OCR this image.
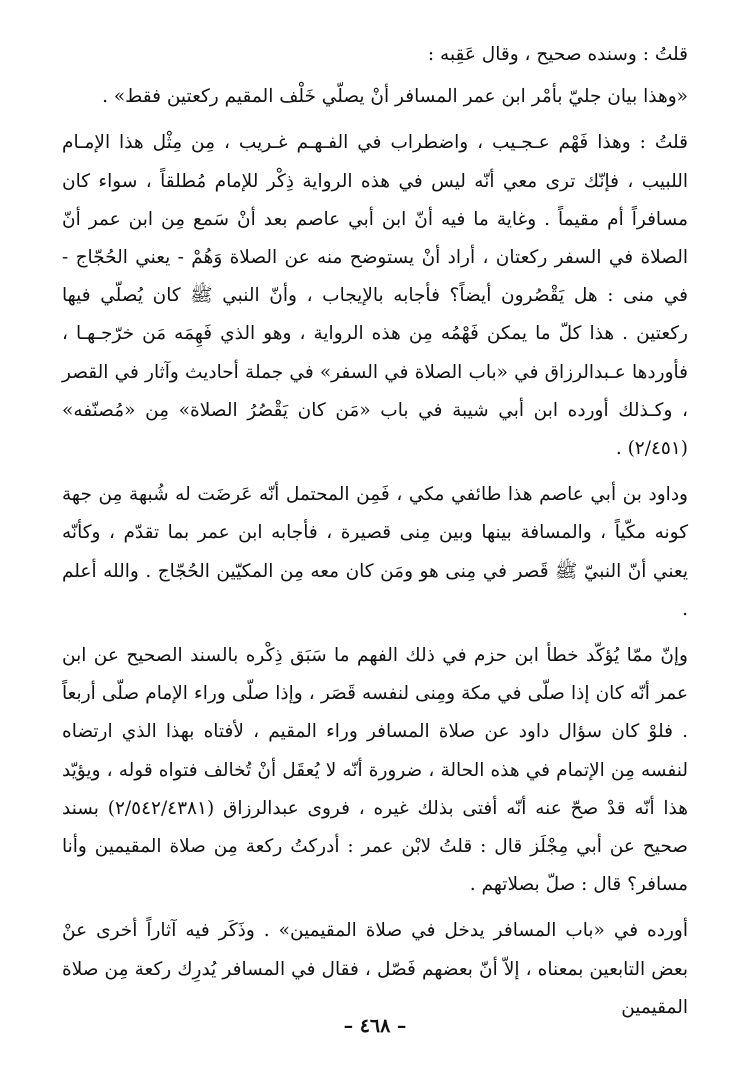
قلتُ : وسنده صحيح ، وقال عَقِبه :

«وهذا بيان جليّ بأمْر ابن عمر المسافر أنْ يصلّي خَلْف المقيم ركعتين فقط» .

قلتُ : وهذا فَهْم عـجـيب ، واضطراب في الفـهـم غـريب ، مِن مِثْل هذا الإمـام اللبيب ، فإنّك ترى معي أنّه ليس في هذه الرواية ذِكْر للإمام مُطلقاً ، سواء كان مسافراً أم مقيماً . وغاية ما فيه أنّ ابن أبي عاصم بعد أنْ سَمع مِن ابن عمر أنّ الصلاة في السفر ركعتان ، أراد أنْ يستوضح منه عن الصلاة وَهُمْ - يعني الحُجّاج - في منى : هل يَقْصُرون أيضاً؟ فأجابه بالإيجاب ، وأنّ النبي ﷺ كان يُصلّي فيها ركعتين . هذا كلّ ما يمكن فَهْمُه مِن هذه الرواية ، وهو الذي فَهِمَه مَن خرّجـهـا ، فأوردها عـبدالرزاق في «باب الصلاة في السفر» في جملة أحاديث وآثار في القصر ، وكـذلك أورده ابن أبي شيبة في باب «مَن كان يَقْصُرُ الصلاة» مِن «مُصنّفه» (٢/٤٥١) .

وداود بن أبي عاصم هذا طائفي مكي ، فَمِن المحتمل أنّه عَرضَت له شُبهة مِن جهة كونه مكّياً ، والمسافة بينها وبين مِنى قصيرة ، فأجابه ابن عمر بما تقدّم ، وكأنّه يعني أنّ النبيّ ﷺ قَصر في مِنى هو ومَن كان معه مِن المكيّين الحُجّاج . والله أعلم .

وإنّ ممّا يُؤكّد خطأ ابن حزم في ذلك الفهم ما سَبَق ذِكْره بالسند الصحيح عن ابن عمر أنّه كان إذا صلّى في مكة ومِنى لنفسه قَصَر ، وإذا صلّى وراء الإمام صلّى أربعاً . فلوْ كان سؤال داود عن صلاة المسافر وراء المقيم ، لأفتاه بهذا الذي ارتضاه لنفسه مِن الإتمام في هذه الحالة ، ضرورة أنّه لا يُعقَل أنْ تُخالف فتواه قوله ، ويؤيّد هذا أنّه قدْ صحّ عنه أنّه أفتى بذلك غيره ، فروى عبدالرزاق (٢/٥٤٢/٤٣٨١) بسند صحيح عن أبي مِجْلَز قال : قلتُ لابْن عمر : أدركتُ ركعة مِن صلاة المقيمين وأنا مسافر؟ قال : صلّ بصلاتهم .

أورده في «باب المسافر يدخل في صلاة المقيمين» . وذَكَر فيه آثاراً أخرى عنْ بعض التابعين بمعناه ، إلاّ أنّ بعضهم فَصّل ، فقال في المسافر يُدرِك ركعة مِن صلاة المقيمين

– ٤٦٨ –
